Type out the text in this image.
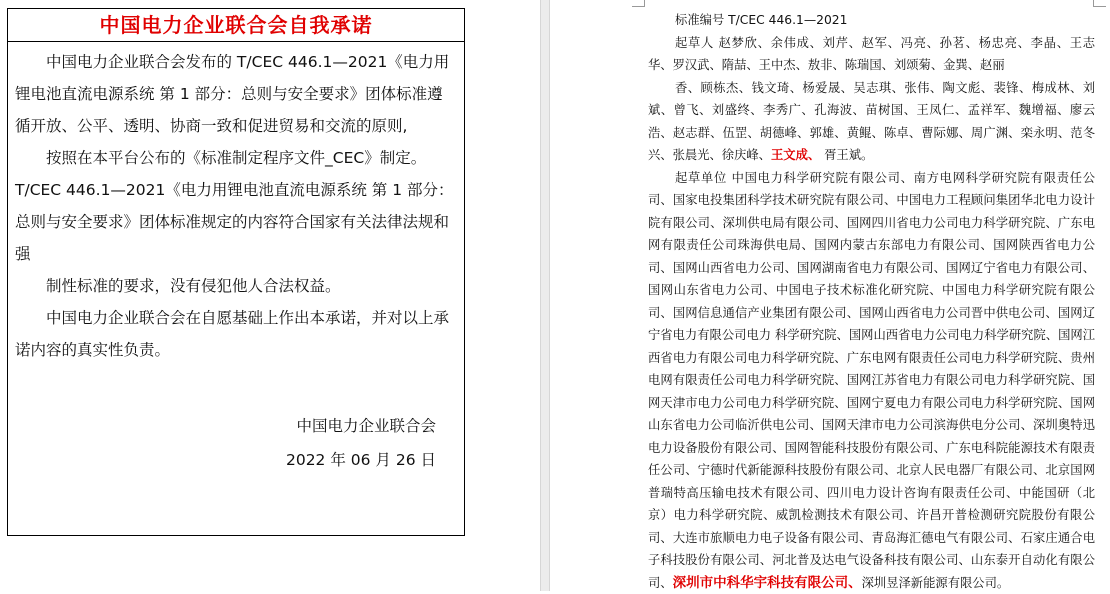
中国电力企业联合会自我承诺

中国电力企业联合会发布的 T/CEC 446.1—2021《电力用锂电池直流电源系统 第 1 部分：总则与安全要求》团体标准遵循开放、公平、透明、协商一致和促进贸易和交流的原则,

按照在本平台公布的《标准制定程序文件_CEC》制定。

T/CEC 446.1—2021《电力用锂电池直流电源系统 第 1 部分：总则与安全要求》团体标准规定的内容符合国家有关法律法规和强

制性标准的要求，没有侵犯他人合法权益。

中国电力企业联合会在自愿基础上作出本承诺，并对以上承诺内容的真实性负责。

中国电力企业联合会
2022 年 06 月 26 日

标准编号 T/CEC 446.1—2021

起草人 赵梦欣、余伟成、刘芹、赵军、冯亮、孙茗、杨忠亮、李晶、王志华、罗汉武、隋喆、王中杰、敖非、陈瑞国、刘颂菊、金巽、赵丽

香、顾栋杰、钱文琦、杨爱晟、吴志琪、张伟、陶文彪、裴锋、梅成林、刘斌、曾飞、刘盛终、李秀广、孔海波、苗树国、王凤仁、孟祥军、魏增福、廖云浩、赵志群、伍罡、胡德峰、郭雄、黄鲲、陈卓、曹际娜、周广渊、栾永明、范冬兴、张晨光、徐庆峰、王文成、 胥王斌。

起草单位 中国电力科学研究院有限公司、南方电网科学研究院有限责任公司、国家电投集团科学技术研究院有限公司、中国电力工程顾问集团华北电力设计院有限公司、深圳供电局有限公司、国网四川省电力公司电力科学研究院、广东电网有限责任公司珠海供电局、国网内蒙古东部电力有限公司、国网陕西省电力公司、国网山西省电力公司、国网湖南省电力有限公司、国网辽宁省电力有限公司、国网山东省电力公司、中国电子技术标准化研究院、中国电力科学研究院有限公司、国网信息通信产业集团有限公司、国网山西省电力公司晋中供电公司、国网辽宁省电力有限公司电力 科学研究院、国网山西省电力公司电力科学研究院、国网江西省电力有限公司电力科学研究院、广东电网有限责任公司电力科学研究院、贵州电网有限责任公司电力科学研究院、国网江苏省电力有限公司电力科学研究院、国网天津市电力公司电力科学研究院、国网宁夏电力有限公司电力科学研究院、国网山东省电力公司临沂供电公司、国网天津市电力公司滨海供电分公司、深圳奥特迅电力设备股份有限公司、国网智能科技股份有限公司、广东电科院能源技术有限责任公司、宁德时代新能源科技股份有限公司、北京人民电器厂有限公司、北京国网普瑞特高压输电技术有限公司、四川电力设计咨询有限责任公司、中能国研（北京）电力科学研究院、威凯检测技术有限公司、许昌开普检测研究院股份有限公司、大连市旅顺电力电子设备有限公司、青岛海汇德电气有限公司、石家庄通合电子科技股份有限公司、河北普及达电气设备科技有限公司、山东泰开自动化有限公司、深圳市中科华宇科技有限公司、深圳昱泽新能源有限公司。
